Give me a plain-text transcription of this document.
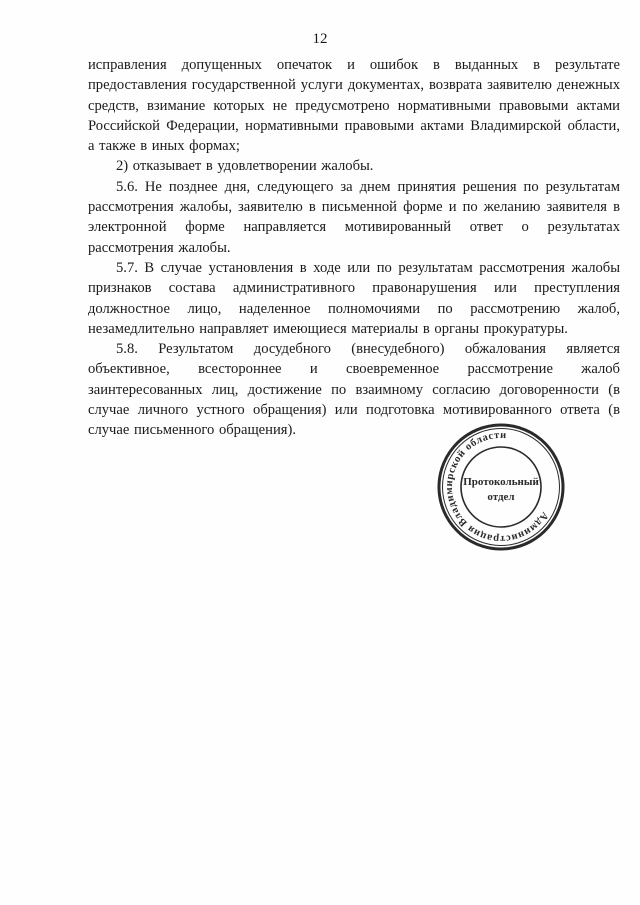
12

исправления допущенных опечаток и ошибок в выданных в результате предоставления государственной услуги документах, возврата заявителю денежных средств, взимание которых не предусмотрено нормативными правовыми актами Российской Федерации, нормативными правовыми актами Владимирской области, а также в иных формах;

2) отказывает в удовлетворении жалобы.

5.6. Не позднее дня, следующего за днем принятия решения по результатам рассмотрения жалобы, заявителю в письменной форме и по желанию заявителя в электронной форме направляется мотивированный ответ о результатах рассмотрения жалобы.

5.7. В случае установления в ходе или по результатам рассмотрения жалобы признаков состава административного правонарушения или преступления должностное лицо, наделенное полномочиями по рассмотрению жалоб, незамедлительно направляет имеющиеся материалы в органы прокуратуры.

5.8. Результатом досудебного (внесудебного) обжалования является объективное, всестороннее и своевременное рассмотрение жалоб заинтересованных лиц, достижение по взаимному согласию договоренности (в случае личного устного обращения) или подготовка мотивированного ответа (в случае письменного обращения).

Администрация Владимирской области
Протокольный
отдел
